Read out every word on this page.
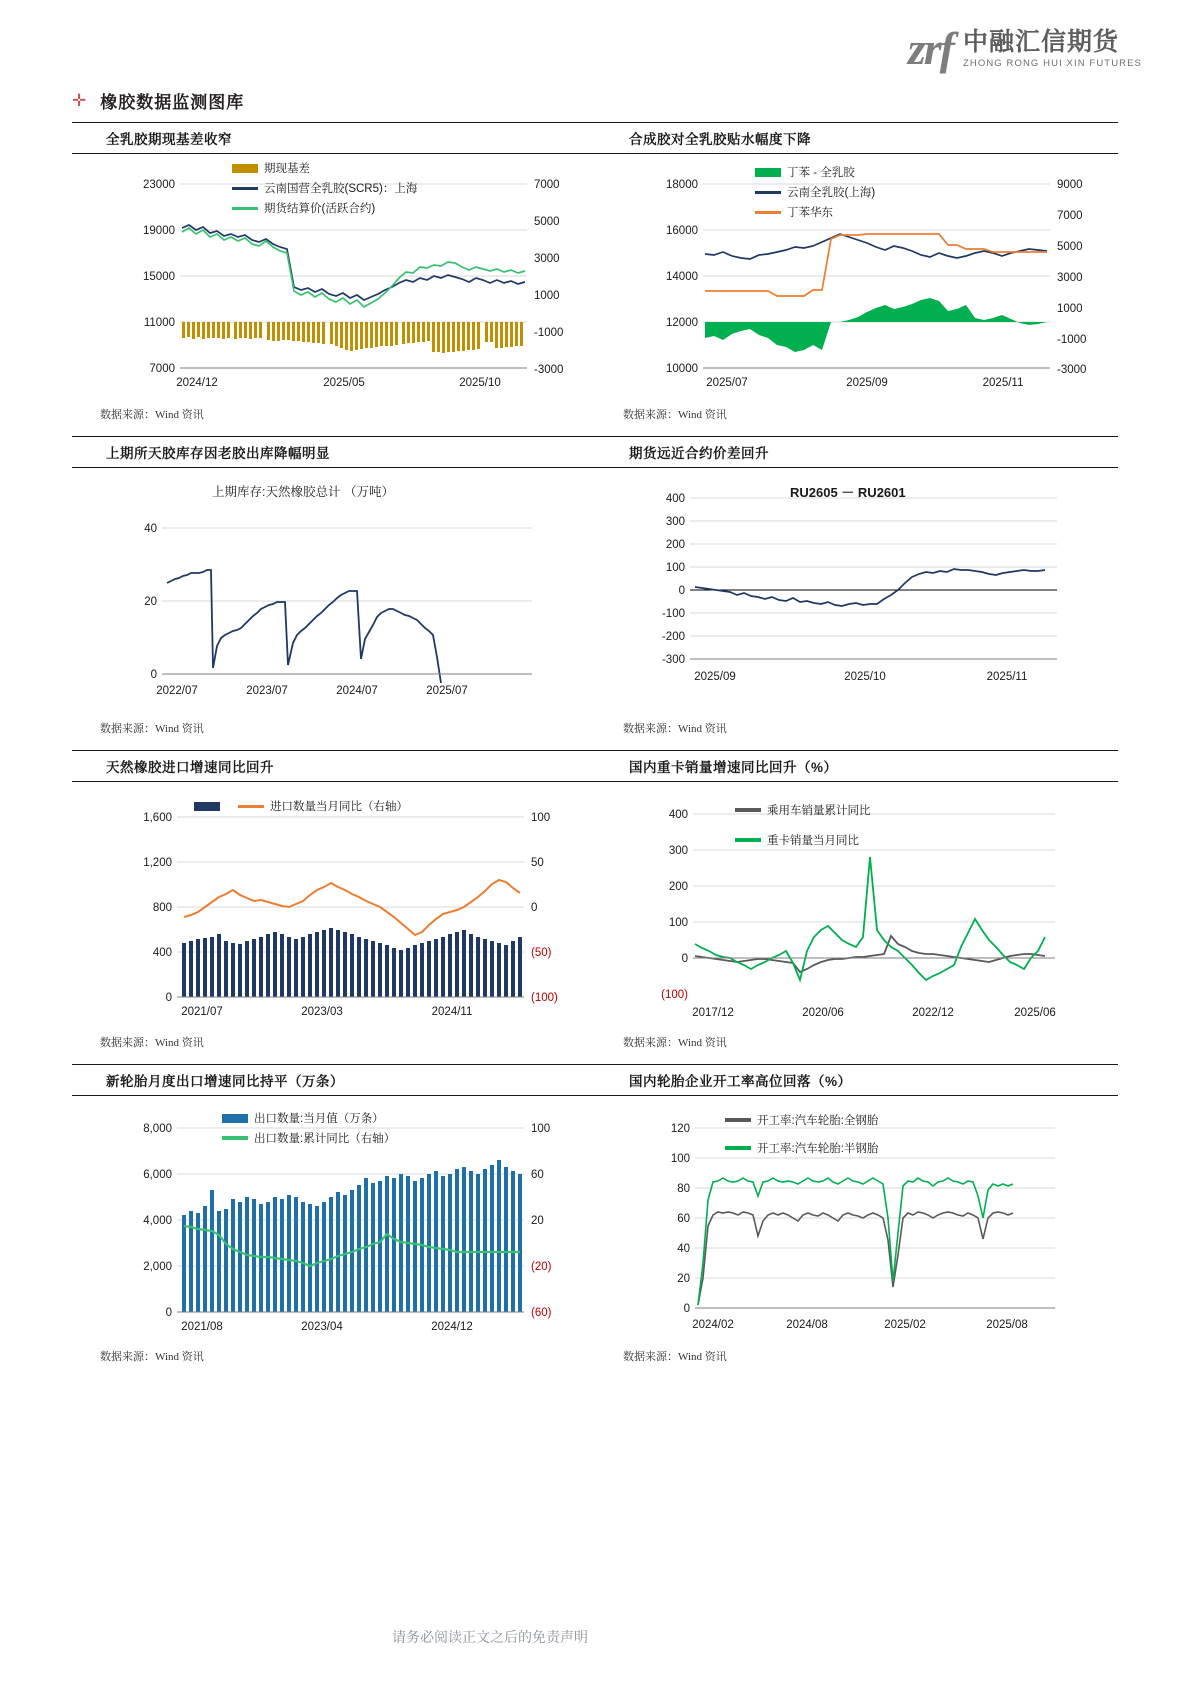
zrf 中融汇信期货
ZHONG RONG HUI XIN FUTURES
✛ 橡胶数据监测图库
全乳胶期现基差收窄
23000
19000
15000
11000
7000
7000
5000
3000
1000
-1000
-3000
2024/12	2025/05	2025/10
期现基差
云南国营全乳胶(SCR5)：上海
期货结算价(活跃合约)
数据来源：Wind 资讯
合成胶对全乳胶贴水幅度下降
18000
16000
14000
12000
10000
9000
7000
5000
3000
1000
-1000
-3000
2025/07	2025/09	2025/11
丁苯 - 全乳胶
云南全乳胶(上海)
丁苯华东
数据来源：Wind 资讯
上期所天胶库存因老胶出库降幅明显
40
20
0
2022/07	2023/07	2024/07	2025/07
上期库存:天然橡胶总计 （万吨）
数据来源：Wind 资讯
期货远近合约价差回升
400
300
200
100
0
-100
-200
-300
2025/09	2025/10	2025/11
RU2605 － RU2601
数据来源：Wind 资讯
天然橡胶进口增速同比回升
1,600
1,200
800
400
0
100
50
0
(50)
(100)
2021/07	2023/03	2024/11
进口数量当月同比（右轴）
数据来源：Wind 资讯
国内重卡销量增速同比回升（%）
400
300
200
100
0
(100)
2017/12	2020/06	2022/12	2025/06
乘用车销量累计同比
重卡销量当月同比
数据来源：Wind 资讯
新轮胎月度出口增速同比持平（万条）
8,000
6,000
4,000
2,000
0
100
60
20
(20)
(60)
2021/08	2023/04	2024/12
出口数量:当月值（万条）
出口数量:累计同比（右轴）
数据来源：Wind 资讯
国内轮胎企业开工率高位回落（%）
120
100
80
60
40
20
0
2024/02	2024/08	2025/02	2025/08
开工率:汽车轮胎:全钢胎
开工率:汽车轮胎:半钢胎
数据来源：Wind 资讯
请务必阅读正文之后的免责声明
